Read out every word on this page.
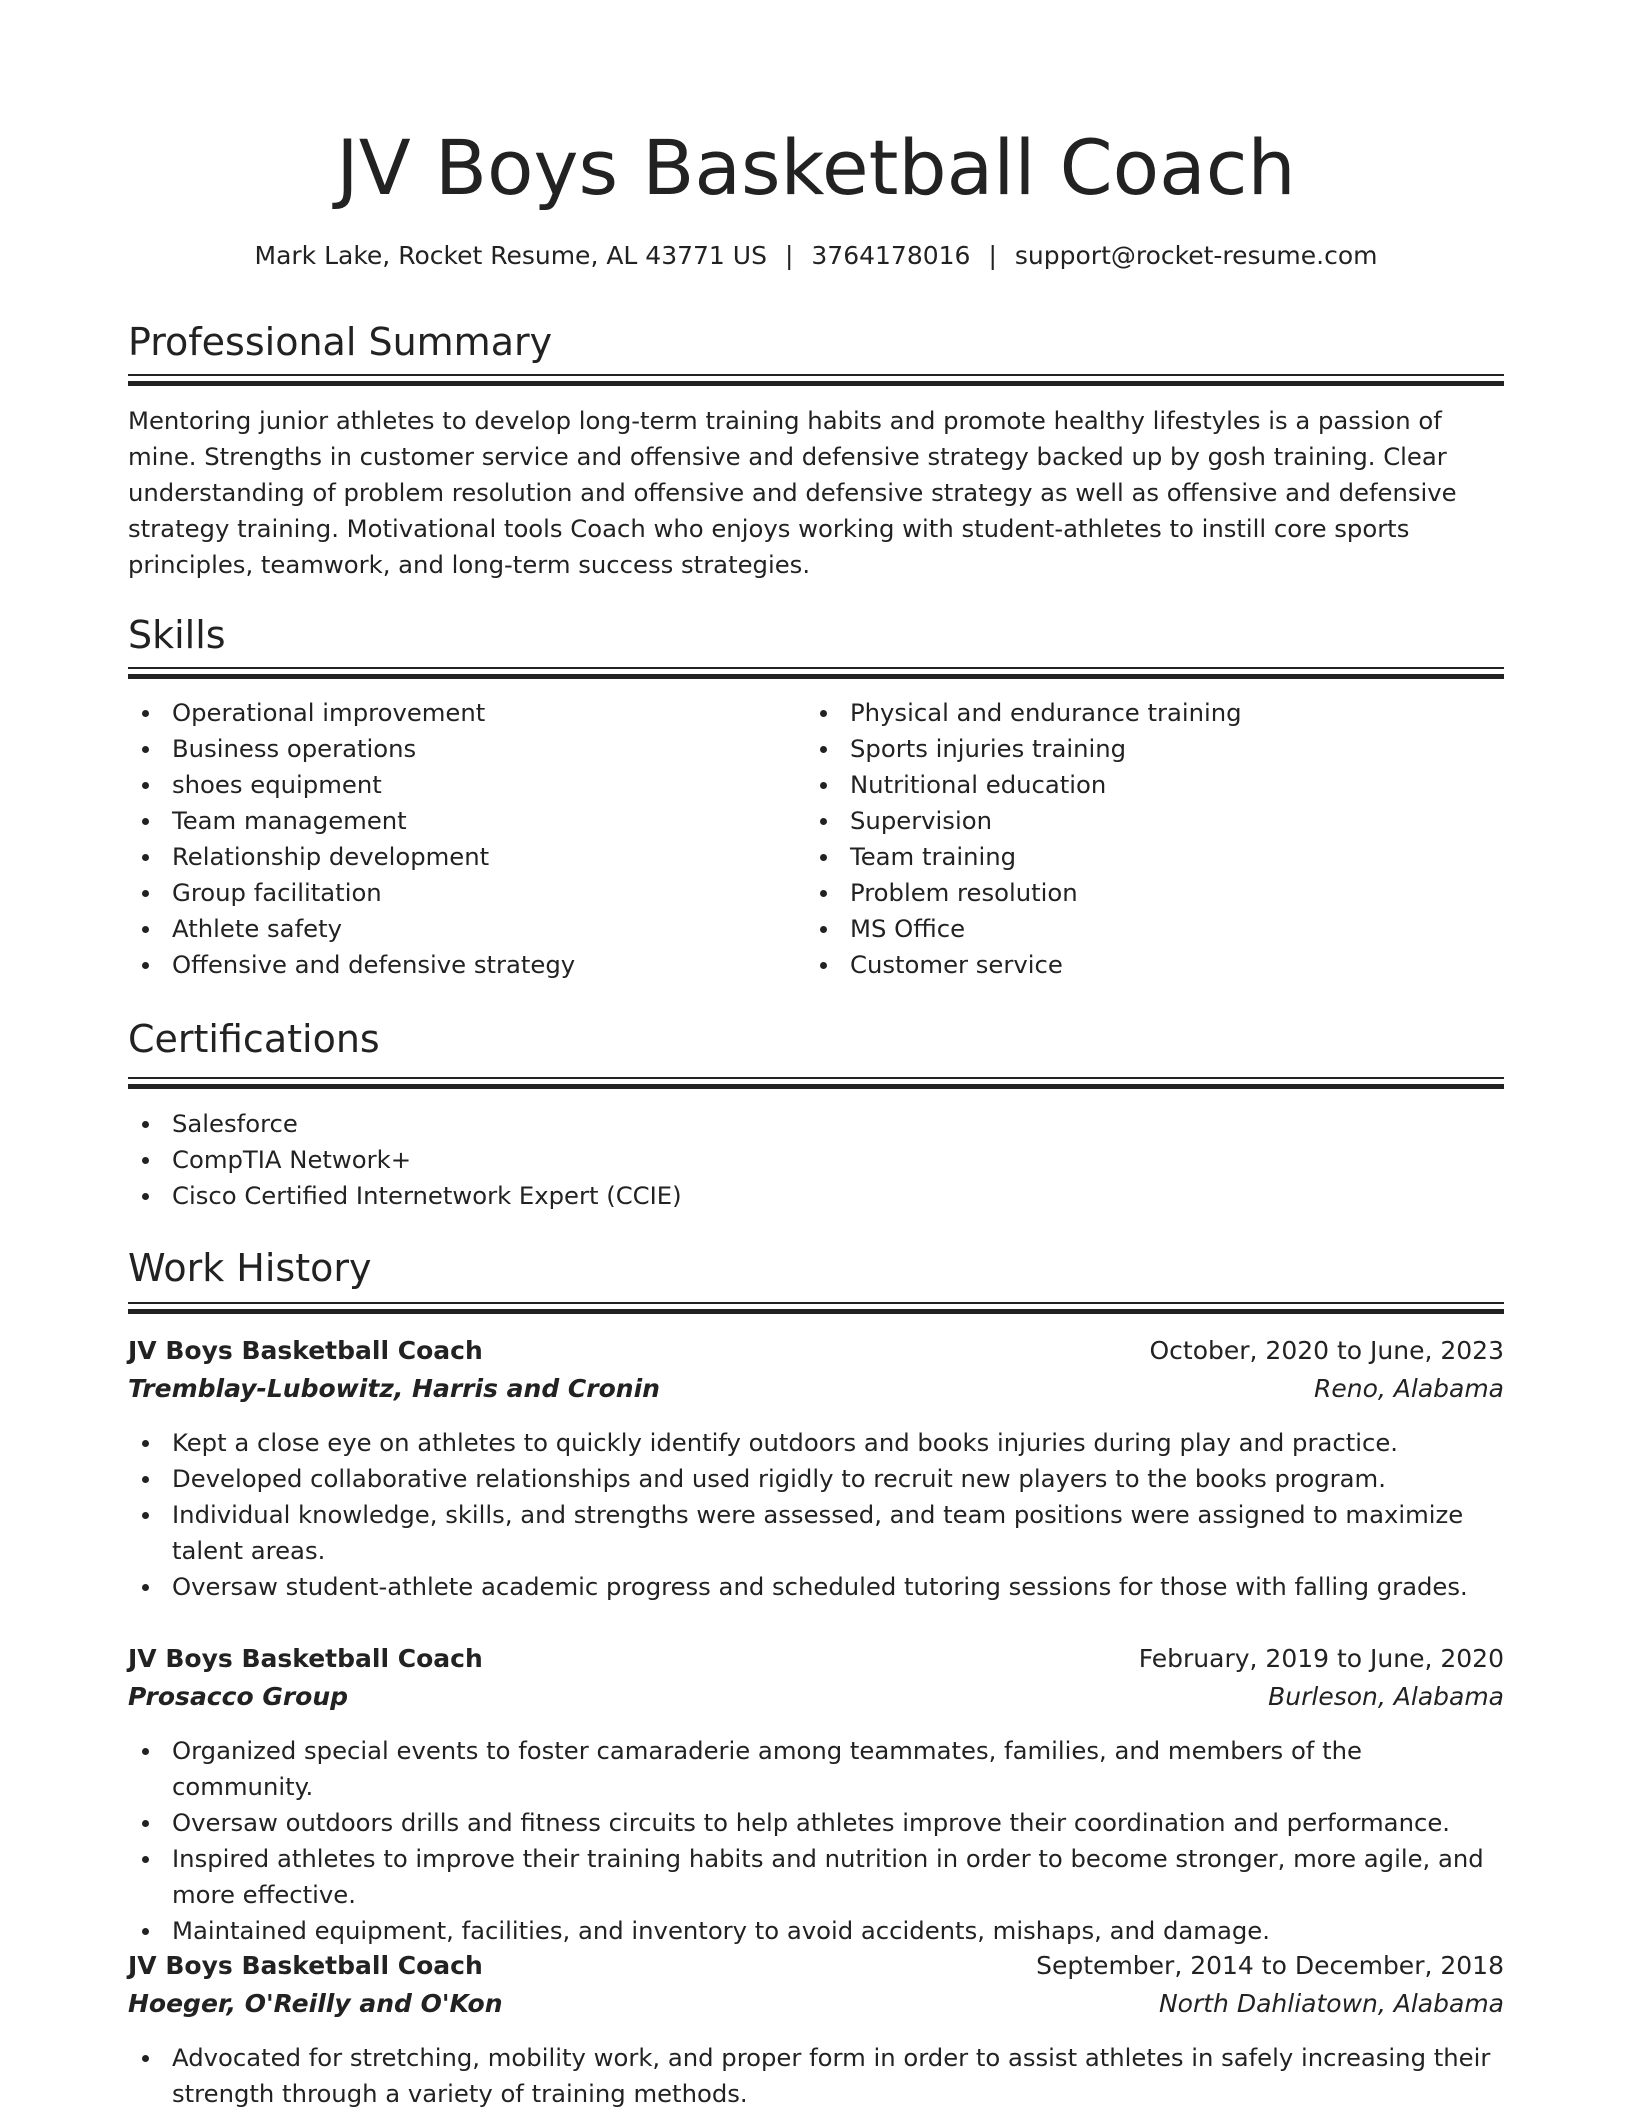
JV Boys Basketball Coach
Mark Lake, Rocket Resume, AL 43771 US | 3764178016 | support@rocket-resume.com
Professional Summary

Mentoring junior athletes to develop long-term training habits and promote healthy lifestyles is a passion of mine. Strengths in customer service and offensive and defensive strategy backed up by gosh training. Clear understanding of problem resolution and offensive and defensive strategy as well as offensive and defensive strategy training. Motivational tools Coach who enjoys working with student-athletes to instill core sports principles, teamwork, and long-term success strategies.

Skills
Operational improvement
Business operations
shoes equipment
Team management
Relationship development
Group facilitation
Athlete safety
Offensive and defensive strategy
Physical and endurance training
Sports injuries training
Nutritional education
Supervision
Team training
Problem resolution
MS Office
Customer service
Certifications
Salesforce
CompTIA Network+
Cisco Certified Internetwork Expert (CCIE)
Work History
JV Boys Basketball Coach	October, 2020 to June, 2023
Tremblay-Lubowitz, Harris and Cronin	Reno, Alabama
Kept a close eye on athletes to quickly identify outdoors and books injuries during play and practice.
Developed collaborative relationships and used rigidly to recruit new players to the books program.
Individual knowledge, skills, and strengths were assessed, and team positions were assigned to maximize talent areas.
Oversaw student-athlete academic progress and scheduled tutoring sessions for those with falling grades.
JV Boys Basketball Coach	February, 2019 to June, 2020
Prosacco Group	Burleson, Alabama
Organized special events to foster camaraderie among teammates, families, and members of the community.
Oversaw outdoors drills and fitness circuits to help athletes improve their coordination and performance.
Inspired athletes to improve their training habits and nutrition in order to become stronger, more agile, and more effective.
Maintained equipment, facilities, and inventory to avoid accidents, mishaps, and damage.
JV Boys Basketball Coach	September, 2014 to December, 2018
Hoeger, O'Reilly and O'Kon	North Dahliatown, Alabama
Advocated for stretching, mobility work, and proper form in order to assist athletes in safely increasing their strength through a variety of training methods.
